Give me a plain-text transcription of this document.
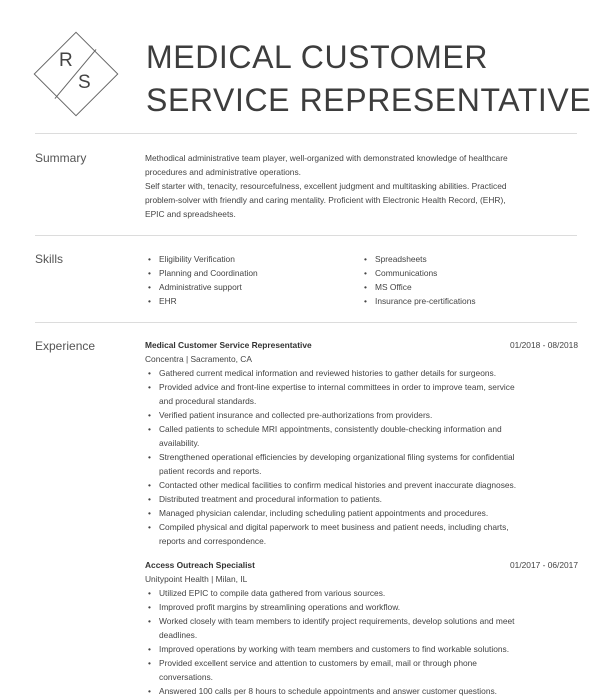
R
S
MEDICAL CUSTOMER
SERVICE REPRESENTATIVE
Summary	Methodical administrative team player, well-organized with demonstrated knowledge of healthcare
procedures and administrative operations.
Self starter with, tenacity, resourcefulness, excellent judgment and multitasking abilities. Practiced
problem-solver with friendly and caring mentality. Proficient with Electronic Health Record, (EHR),
EPIC and spreadsheets.
Skills
•	Eligibility Verification
• Planning and Coordination
• Administrative support
• EHR
• Spreadsheets
• Communications
• MS Office
• Insurance pre-certifications
Experience	Medical Customer Service Representative	01/2018 - 08/2018
Concentra | Sacramento, CA
• Gathered current medical information and reviewed histories to gather details for surgeons.
• Provided advice and front-line expertise to internal committees in order to improve team, service
and procedural standards.
• Verified patient insurance and collected pre-authorizations from providers.
• Called patients to schedule MRI appointments, consistently double-checking information and
availability.
• Strengthened operational efficiencies by developing organizational filing systems for confidential
patient records and reports.
• Contacted other medical facilities to confirm medical histories and prevent inaccurate diagnoses.
• Distributed treatment and procedural information to patients.
• Managed physician calendar, including scheduling patient appointments and procedures.
• Compiled physical and digital paperwork to meet business and patient needs, including charts,
reports and correspondence.
Access Outreach Specialist	01/2017 - 06/2017
Unitypoint Health | Milan, IL
• Utilized EPIC to compile data gathered from various sources.
• Improved profit margins by streamlining operations and workflow.
• Worked closely with team members to identify project requirements, develop solutions and meet
deadlines.
• Improved operations by working with team members and customers to find workable solutions.
• Provided excellent service and attention to customers by email, mail or through phone
conversations.
• Answered 100 calls per 8 hours to schedule appointments and answer customer questions.
